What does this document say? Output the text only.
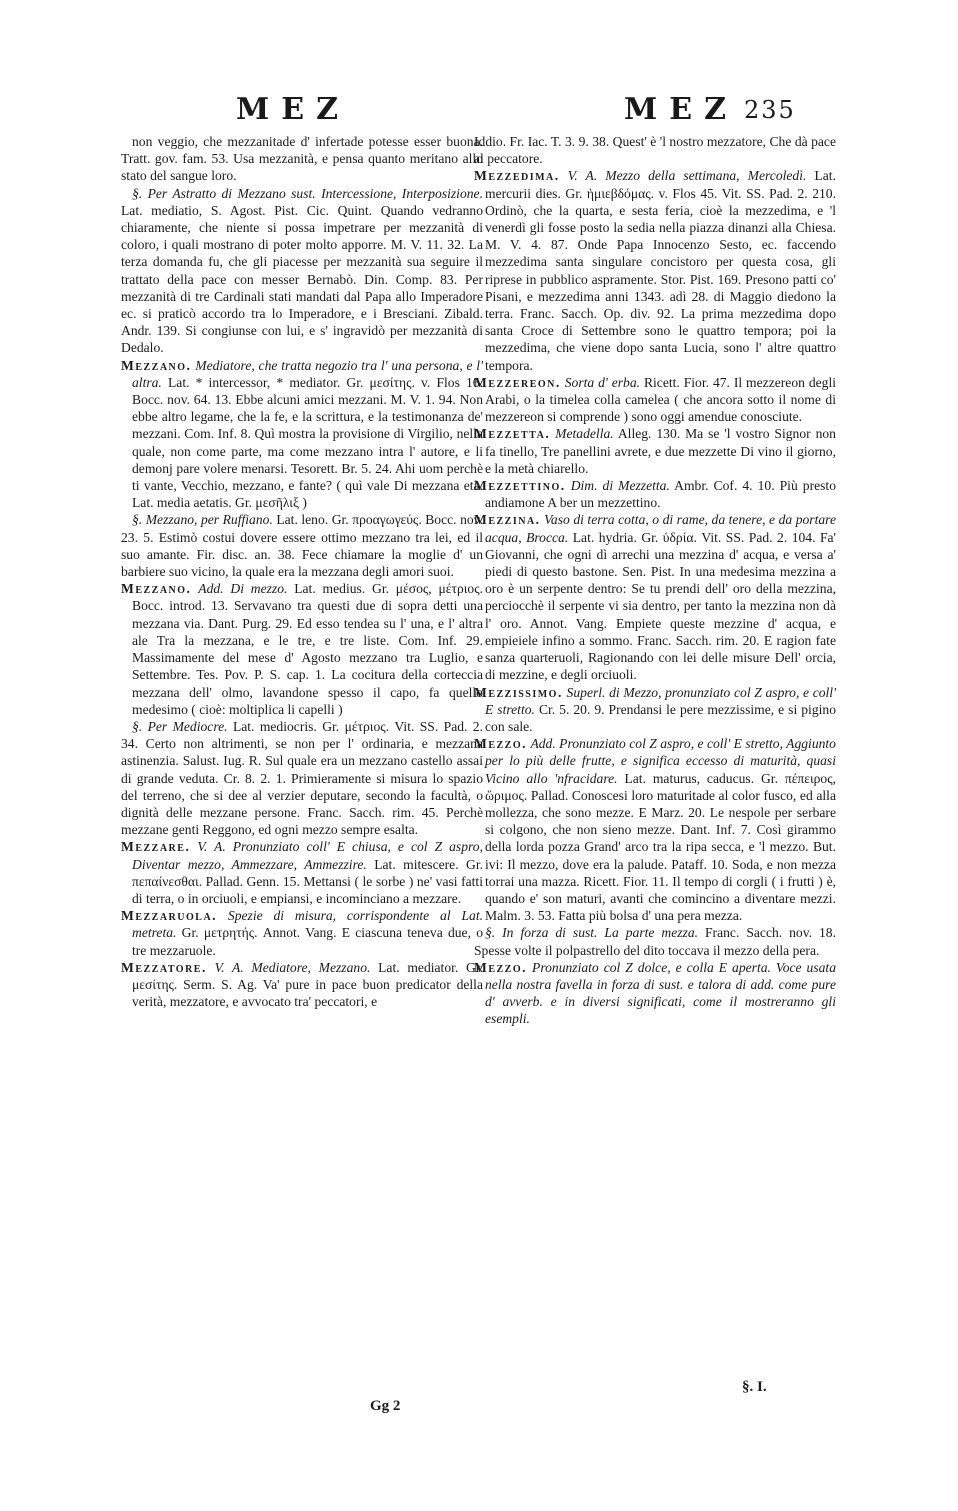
MEZ	MEZ 235

non veggio, che mezzanitade d' infertade potesse esser buona. Tratt. gov. fam. 53. Usa mezzanità, e pensa quanto meritano allo stato del sangue loro.

§. Per Astratto di Mezzano sust. Intercessione, Interposizione. Lat. mediatio, S. Agost. Pist. Cic. Quint. Quando vedranno chiaramente, che niente si possa impetrare per mezzanità di coloro, i quali mostrano di poter molto apporre. M. V. 11. 32. La terza domanda fu, che gli piacesse per mezzanità sua seguire il trattato della pace con messer Bernabò. Din. Comp. 83. Per mezzanità di tre Cardinali stati mandati dal Papa allo Imperadore ec. si praticò accordo tra lo Imperadore, e i Bresciani. Zibald. Andr. 139. Si congiunse con lui, e s' ingravidò per mezzanità di Dedalo.

Mezzano. Mediatore, che tratta negozio tra l' una persona, e l' altra. Lat. * intercessor, * mediator. Gr. μεσίτης. v. Flos 16. Bocc. nov. 64. 13. Ebbe alcuni amici mezzani. M. V. 1. 94. Non ebbe altro legame, che la fe, e la scrittura, e la testimonanza de' mezzani. Com. Inf. 8. Quì mostra la provisione di Virgilio, nella quale, non come parte, ma come mezzano intra l' autore, e li demonj pare volere menarsi. Tesorett. Br. 5. 24. Ahi uom perchè ti vante, Vecchio, mezzano, e fante? ( quì vale Di mezzana età. Lat. media aetatis. Gr. μεσῆλιξ )

§. Mezzano, per Ruffiano. Lat. leno. Gr. προαγωγεύς. Bocc. nov. 23. 5. Estimò costui dovere essere ottimo mezzano tra lei, ed il suo amante. Fir. disc. an. 38. Fece chiamare la moglie d' un barbiere suo vicino, la quale era la mezzana degli amori suoi.

Mezzano. Add. Di mezzo. Lat. medius. Gr. μέσος, μέτριος. Bocc. introd. 13. Servavano tra questi due di sopra detti una mezzana via. Dant. Purg. 29. Ed esso tendea su l' una, e l' altra ale Tra la mezzana, e le tre, e tre liste. Com. Inf. 29. Massimamente del mese d' Agosto mezzano tra Luglio, e Settembre. Tes. Pov. P. S. cap. 1. La cocitura della corteccia mezzana dell' olmo, lavandone spesso il capo, fa quello medesimo ( cioè: moltiplica li capelli )

§. Per Mediocre. Lat. mediocris. Gr. μέτριος. Vit. SS. Pad. 2. 34. Certo non altrimenti, se non per l' ordinaria, e mezzana astinenzia. Salust. Iug. R. Sul quale era un mezzano castello assai di grande veduta. Cr. 8. 2. 1. Primieramente si misura lo spazio del terreno, che si dee al verzier deputare, secondo la facultà, o dignità delle mezzane persone. Franc. Sacch. rim. 45. Perchè mezzane genti Reggono, ed ogni mezzo sempre esalta.

Mezzare. V. A. Pronunziato coll' E chiusa, e col Z aspro, Diventar mezzo, Ammezzare, Ammezzire. Lat. mitescere. Gr. πεπαίνεσθαι. Pallad. Genn. 15. Mettansi ( le sorbe ) ne' vasi fatti di terra, o in orciuoli, e empiansi, e incominciano a mezzare.

Mezzaruola. Spezie di misura, corrispondente al Lat. metreta. Gr. μετρητής. Annot. Vang. E ciascuna teneva due, o tre mezzaruole.

Mezzatore. V. A. Mediatore, Mezzano. Lat. mediator. Gr. μεσίτης. Serm. S. Ag. Va' pure in pace buon predicator della verità, mezzatore, e avvocato tra' peccatori, e

Iddio. Fr. Iac. T. 3. 9. 38. Quest' è 'l nostro mezzatore, Che dà pace al peccatore.

Mezzedima. V. A. Mezzo della settimana, Mercoledì. Lat. mercurii dies. Gr. ἡμιεβδόμας. v. Flos 45. Vit. SS. Pad. 2. 210. Ordinò, che la quarta, e sesta feria, cioè la mezzedima, e 'l venerdì gli fosse posto la sedia nella piazza dinanzi alla Chiesa. M. V. 4. 87. Onde Papa Innocenzo Sesto, ec. faccendo mezzedima santa singulare concistoro per questa cosa, gli riprese in pubblico aspramente. Stor. Pist. 169. Presono patti co' Pisani, e mezzedima anni 1343. adì 28. di Maggio diedono la terra. Franc. Sacch. Op. div. 92. La prima mezzedima dopo santa Croce di Settembre sono le quattro tempora; poi la mezzedima, che viene dopo santa Lucia, sono l' altre quattro tempora.

Mezzereon. Sorta d' erba. Ricett. Fior. 47. Il mezzereon degli Arabi, o la timelea colla camelea ( che ancora sotto il nome di mezzereon si comprende ) sono oggi amendue conosciute.

Mezzetta. Metadella. Alleg. 130. Ma se 'l vostro Signor non fa tinello, Tre panellini avrete, e due mezzette Di vino il giorno, e la metà chiarello.

Mezzettino. Dim. di Mezzetta. Ambr. Cof. 4. 10. Più presto andiamone A ber un mezzettino.

Mezzina. Vaso di terra cotta, o di rame, da tenere, e da portare acqua, Brocca. Lat. hydria. Gr. ὑδρία. Vit. SS. Pad. 2. 104. Fa' Giovanni, che ogni dì arrechi una mezzina d' acqua, e versa a' piedi di questo bastone. Sen. Pist. In una medesima mezzina a oro è un serpente dentro: Se tu prendi dell' oro della mezzina, perciocchè il serpente vi sia dentro, per tanto la mezzina non dà l' oro. Annot. Vang. Empiete queste mezzine d' acqua, e empieiele infino a sommo. Franc. Sacch. rim. 20. E ragion fate sanza quarteruoli, Ragionando con lei delle misure Dell' orcia, di mezzine, e degli orciuoli.

Mezzissimo. Superl. di Mezzo, pronunziato col Z aspro, e coll' E stretto. Cr. 5. 20. 9. Prendansi le pere mezzissime, e si pigino con sale.

Mezzo. Add. Pronunziato col Z aspro, e coll' E stretto, Aggiunto per lo più delle frutte, e significa eccesso di maturità, quasi Vicino allo 'nfracidare. Lat. maturus, caducus. Gr. πέπειρος, ὥριμος. Pallad. Conoscesi loro maturitade al color fusco, ed alla mollezza, che sono mezze. E Marz. 20. Le nespole per serbare si colgono, che non sieno mezze. Dant. Inf. 7. Così girammo della lorda pozza Grand' arco tra la ripa secca, e 'l mezzo. But. ivi: Il mezzo, dove era la palude. Pataff. 10. Soda, e non mezza torrai una mazza. Ricett. Fior. 11. Il tempo di corgli ( i frutti ) è, quando e' son maturi, avanti che comincino a diventare mezzi. Malm. 3. 53. Fatta più bolsa d' una pera mezza.

§. In forza di sust. La parte mezza. Franc. Sacch. nov. 18. Spesse volte il polpastrello del dito toccava il mezzo della pera.

Mezzo. Pronunziato col Z dolce, e colla E aperta. Voce usata nella nostra favella in forza di sust. e talora di add. come pure d' avverb. e in diversi significati, come il mostreranno gli esempli.

§. I.
Gg 2
